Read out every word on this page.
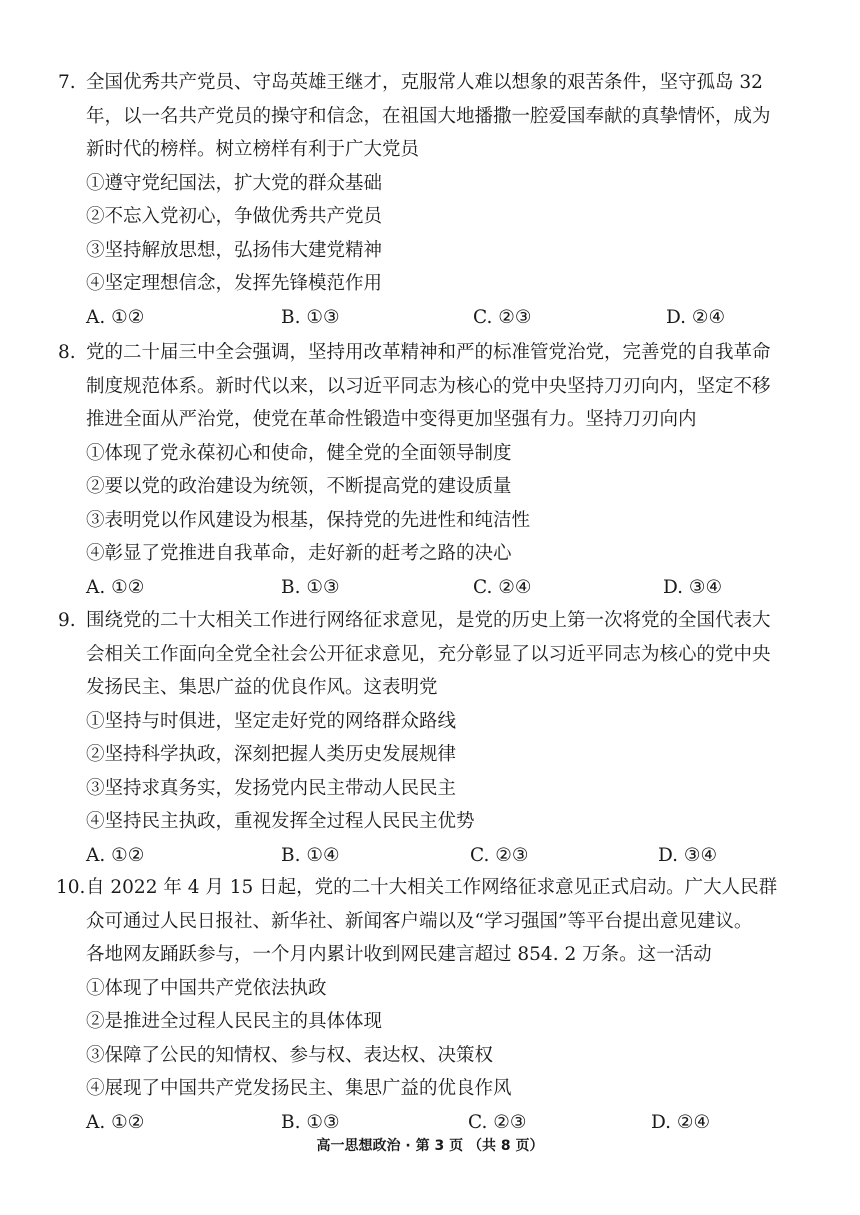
7. 全国优秀共产党员、守岛英雄王继才，克服常人难以想象的艰苦条件，坚守孤岛 32
年，以一名共产党员的操守和信念，在祖国大地播撒一腔爱国奉献的真挚情怀，成为
新时代的榜样。树立榜样有利于广大党员
①遵守党纪国法，扩大党的群众基础
②不忘入党初心，争做优秀共产党员
③坚持解放思想，弘扬伟大建党精神
④坚定理想信念，发挥先锋模范作用
A. ①②	B. ①③	C. ②③	D. ②④
8. 党的二十届三中全会强调，坚持用改革精神和严的标准管党治党，完善党的自我革命
制度规范体系。新时代以来，以习近平同志为核心的党中央坚持刀刃向内，坚定不移
推进全面从严治党，使党在革命性锻造中变得更加坚强有力。坚持刀刃向内
①体现了党永葆初心和使命，健全党的全面领导制度
②要以党的政治建设为统领，不断提高党的建设质量
③表明党以作风建设为根基，保持党的先进性和纯洁性
④彰显了党推进自我革命，走好新的赶考之路的决心
A. ①②	B. ①③	C. ②④	D. ③④
9. 围绕党的二十大相关工作进行网络征求意见，是党的历史上第一次将党的全国代表大
会相关工作面向全党全社会公开征求意见，充分彰显了以习近平同志为核心的党中央
发扬民主、集思广益的优良作风。这表明党
①坚持与时俱进，坚定走好党的网络群众路线
②坚持科学执政，深刻把握人类历史发展规律
③坚持求真务实，发扬党内民主带动人民民主
④坚持民主执政，重视发挥全过程人民民主优势
A. ①②	B. ①④	C. ②③	D. ③④
10.自 2022 年 4 月 15 日起，党的二十大相关工作网络征求意见正式启动。广大人民群
众可通过人民日报社、新华社、新闻客户端以及“学习强国”等平台提出意见建议。
各地网友踊跃参与，一个月内累计收到网民建言超过 854. 2 万条。这一活动
①体现了中国共产党依法执政
②是推进全过程人民民主的具体体现
③保障了公民的知情权、参与权、表达权、决策权
④展现了中国共产党发扬民主、集思广益的优良作风
A. ①②	B. ①③	C. ②③	D. ②④
高一思想政治 · 第 3 页 （共 8 页）
